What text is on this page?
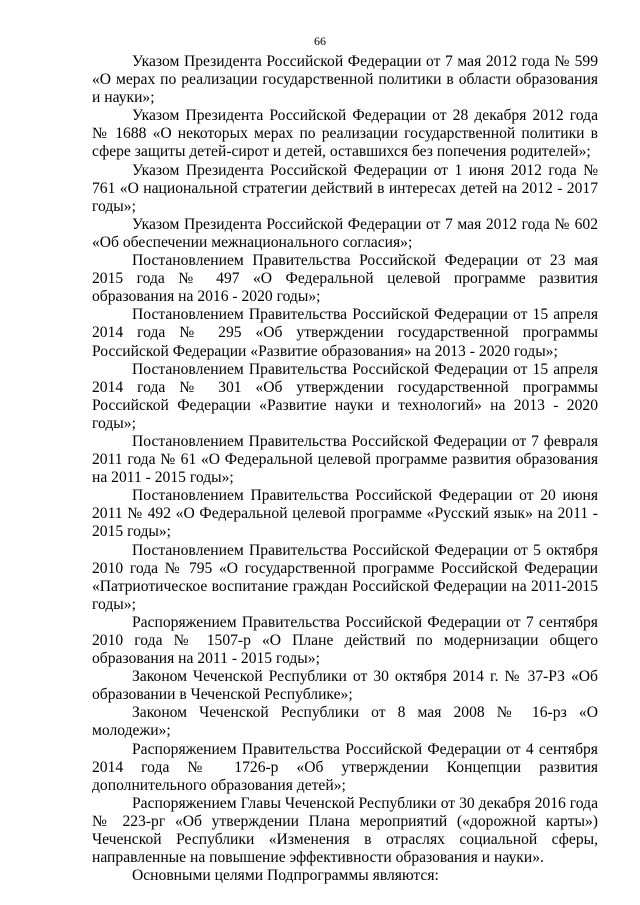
66

Указом Президента Российской Федерации от 7 мая 2012 года № 599 «О мерах по реализации государственной политики в области образования и науки»;

Указом Президента Российской Федерации от 28 декабря 2012 года № 1688 «О некоторых мерах по реализации государственной политики в сфере защиты детей-сирот и детей, оставшихся без попечения родителей»;

Указом Президента Российской Федерации от 1 июня 2012 года № 761 «О национальной стратегии действий в интересах детей на 2012 - 2017 годы»;

Указом Президента Российской Федерации от 7 мая 2012 года № 602 «Об обеспечении межнационального согласия»;

Постановлением Правительства Российской Федерации от 23 мая 2015 года № 497 «О Федеральной целевой программе развития образования на 2016 - 2020 годы»;

Постановлением Правительства Российской Федерации от 15 апреля 2014 года № 295 «Об утверждении государственной программы Российской Федерации «Развитие образования» на 2013 - 2020 годы»;

Постановлением Правительства Российской Федерации от 15 апреля 2014 года № 301 «Об утверждении государственной программы Российской Федерации «Развитие науки и технологий» на 2013 - 2020 годы»;

Постановлением Правительства Российской Федерации от 7 февраля 2011 года № 61 «О Федеральной целевой программе развития образования на 2011 - 2015 годы»;

Постановлением Правительства Российской Федерации от 20 июня 2011 № 492 «О Федеральной целевой программе «Русский язык» на 2011 - 2015 годы»;

Постановлением Правительства Российской Федерации от 5 октября 2010 года № 795 «О государственной программе Российской Федерации «Патриотическое воспитание граждан Российской Федерации на 2011-2015 годы»;

Распоряжением Правительства Российской Федерации от 7 сентября 2010 года № 1507-р «О Плане действий по модернизации общего образования на 2011 - 2015 годы»;

Законом Чеченской Республики от 30 октября 2014 г. № 37-РЗ «Об образовании в Чеченской Республике»;

Законом Чеченской Республики от 8 мая 2008 № 16-рз «О молодежи»;

Распоряжением Правительства Российской Федерации от 4 сентября 2014 года № 1726-р «Об утверждении Концепции развития дополнительного образования детей»;

Распоряжением Главы Чеченской Республики от 30 декабря 2016 года № 223-рг «Об утверждении Плана мероприятий («дорожной карты») Чеченской Республики «Изменения в отраслях социальной сферы, направленные на повышение эффективности образования и науки».

Основными целями Подпрограммы являются:
